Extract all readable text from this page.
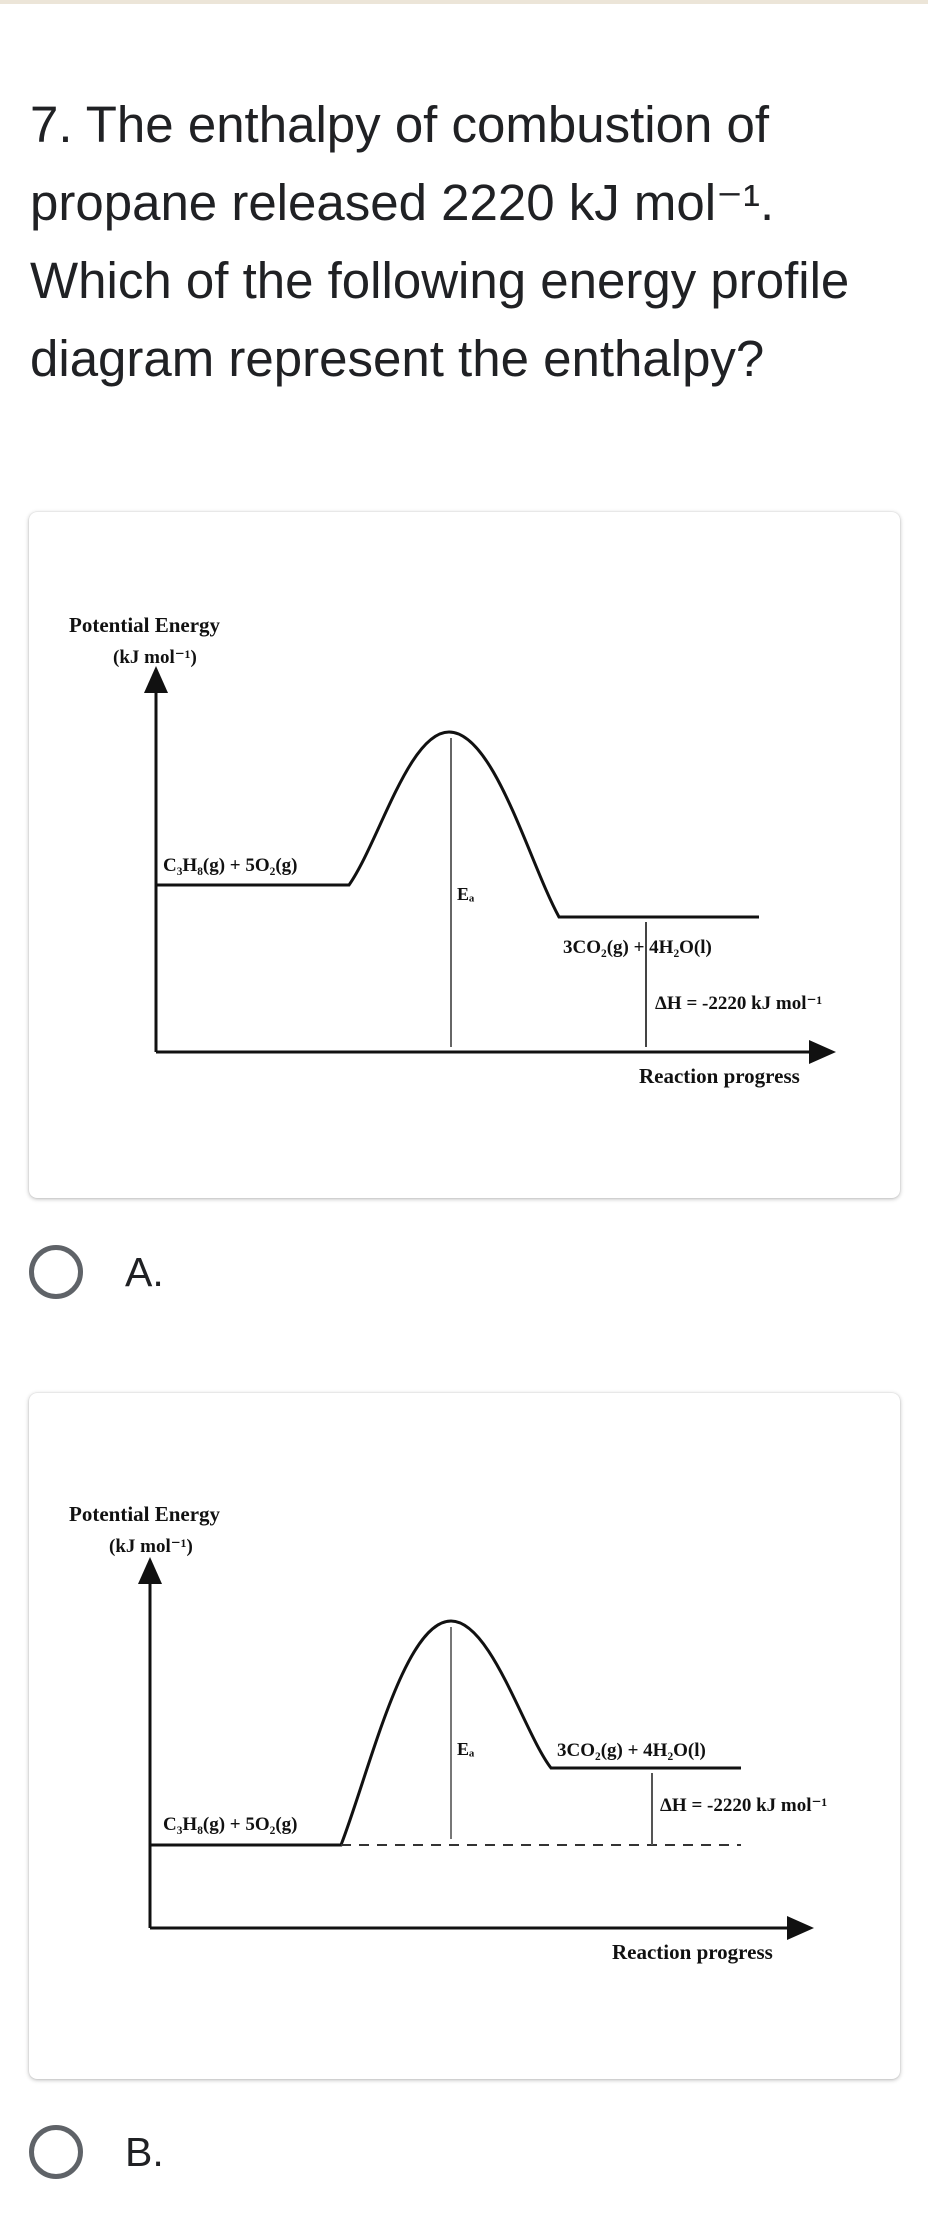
7. The enthalpy of combustion of propane released 2220 kJ mol⁻¹. Which of the following energy profile diagram represent the enthalpy?

Potential Energy
(kJ mol⁻¹)
Eₐ
C₃H₈(g) + 5O₂(g)
3CO₂(g) + 4H₂O(l)
ΔH = -2220 kJ mol⁻¹
Reaction progress
A.
Potential Energy
(kJ mol⁻¹)
Eₐ
C₃H₈(g) + 5O₂(g)
3CO₂(g) + 4H₂O(l)
ΔH = -2220 kJ mol⁻¹
Reaction progress
B.
